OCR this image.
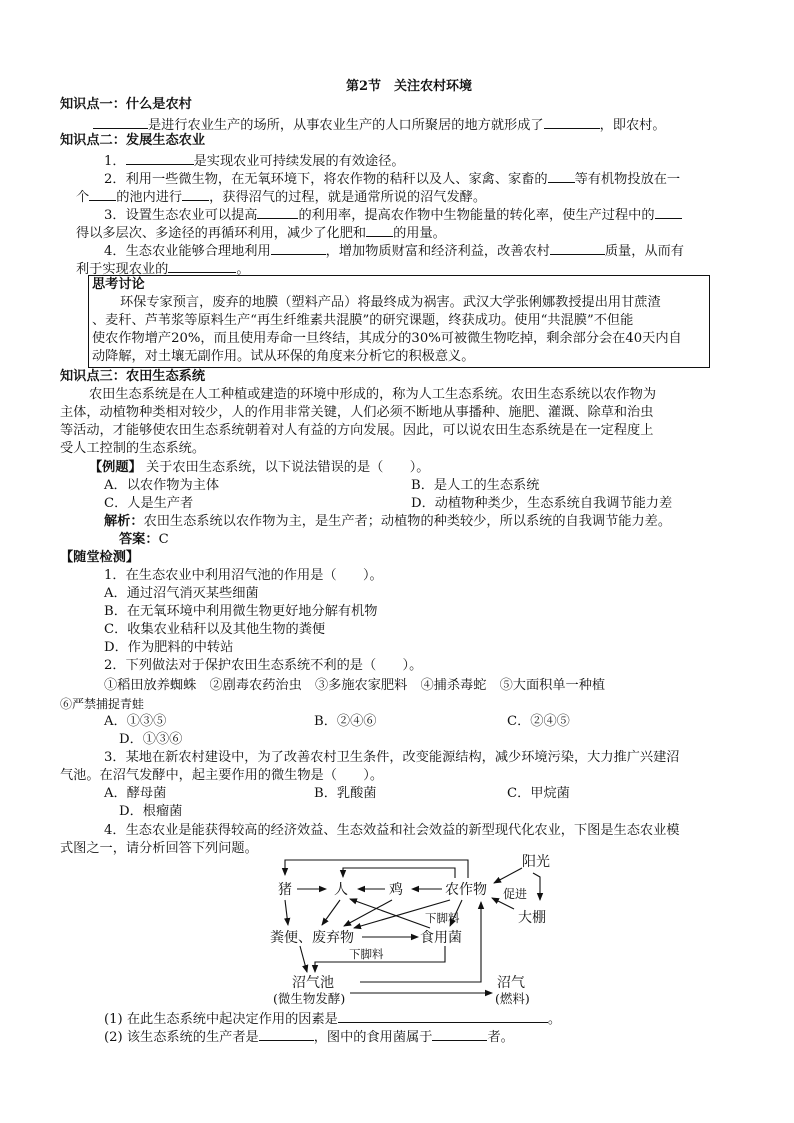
第2节　关注农村环境
知识点一：什么是农村
是进行农业生产的场所，从事农业生产的人口所聚居的地方就形成了	，即农村。
知识点二：发展生态农业
1．	是实现农业可持续发展的有效途径。
2．利用一些微生物，在无氧环境下，将农作物的秸秆以及人、家禽、家畜的 等有机物投放在一
个 的池内进行 ，获得沼气的过程，就是通常所说的沼气发酵。
3．设置生态农业可以提高	的利用率，提高农作物中生物能量的转化率，使生产过程中的
得以多层次、多途径的再循环利用，减少了化肥和 的用量。
4．生态农业能够合理地利用	，增加物质财富和经济利益，改善农村	质量，从而有
利于实现农业的	。
思考讨论
环保专家预言，废弃的地膜（塑料产品）将最终成为祸害。武汉大学张俐娜教授提出用甘蔗渣
、麦秆、芦苇浆等原料生产“再生纤维素共混膜”的研究课题，终获成功。使用“共混膜”不但能
使农作物增产20%，而且使用寿命一旦终结，其成分的30%可被微生物吃掉，剩余部分会在40天内自
动降解，对土壤无副作用。试从环保的角度来分析它的积极意义。
知识点三：农田生态系统
农田生态系统是在人工种植或建造的环境中形成的，称为人工生态系统。农田生态系统以农作物为
主体，动植物种类相对较少，人的作用非常关键，人们必须不断地从事播种、施肥、灌溉、除草和治虫
等活动，才能够使农田生态系统朝着对人有益的方向发展。因此，可以说农田生态系统是在一定程度上
受人工控制的生态系统。
【例题】 关于农田生态系统，以下说法错误的是（　　）。
A．以农作物为主体	B．是人工的生态系统
C．人是生产者	D．动植物种类少，生态系统自我调节能力差
解析：农田生态系统以农作物为主，是生产者；动植物的种类较少，所以系统的自我调节能力差。
答案：C
【随堂检测】
1．在生态农业中利用沼气池的作用是（　　）。
A．通过沼气消灭某些细菌
B．在无氧环境中利用微生物更好地分解有机物
C．收集农业秸秆以及其他生物的粪便
D．作为肥料的中转站
2．下列做法对于保护农田生态系统不利的是（　　）。
①稻田放养蜘蛛　②剧毒农药治虫　③多施农家肥料　④捕杀毒蛇　⑤大面积单一种植
⑥严禁捕捉青蛙
A．①③⑤	B．②④⑥	C．②④⑤
D．①③⑥
3．某地在新农村建设中，为了改善农村卫生条件，改变能源结构，减少环境污染，大力推广兴建沼
气池。在沼气发酵中，起主要作用的微生物是（　　）。
A．酵母菌	B．乳酸菌	C．甲烷菌
D．根瘤菌
4．生态农业是能获得较高的经济效益、生态效益和社会效益的新型现代化农业，下图是生态农业模
式图之一，请分析回答下列问题。
猪	人	鸡	农作物
阳光
促进
大棚
下脚料
粪便、废弃物	食用菌
下脚料
沼气池
(微生物发酵)
沼气
(燃料)
(1) 在此生态系统中起决定作用的因素是	。
(2) 该生态系统的生产者是	，图中的食用菌属于	者。
